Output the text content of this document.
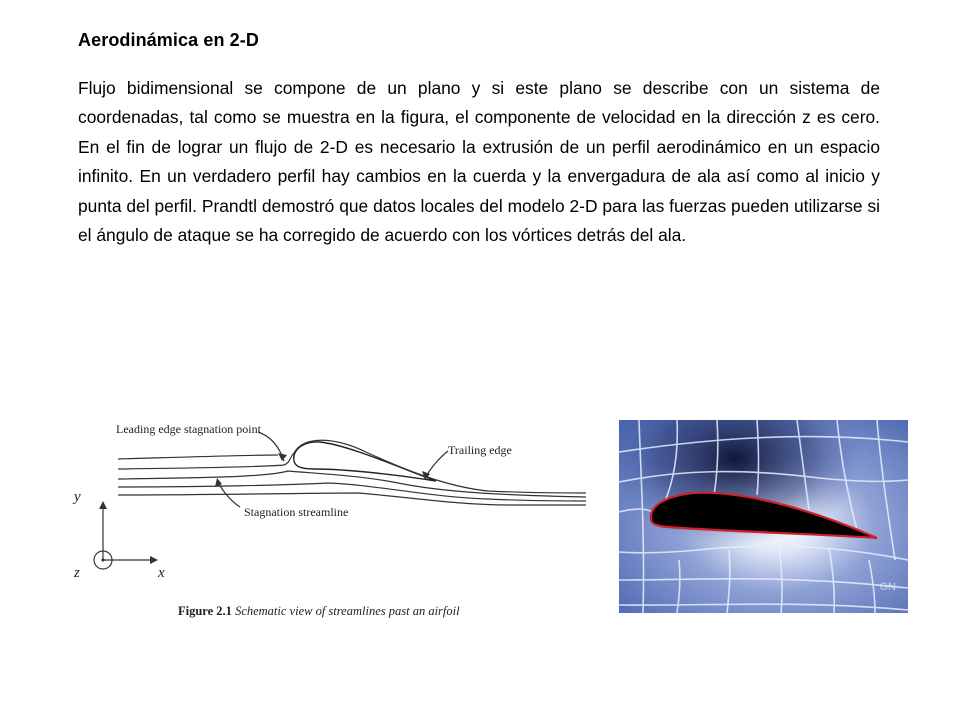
Aerodinámica en 2-D
Flujo bidimensional se compone de un plano y si este plano se describe con un sistema de coordenadas, tal como se muestra en la figura, el componente de velocidad en la dirección z es cero. En el fin de lograr un flujo de 2-D es necesario la extrusión de un perfil aerodinámico en un espacio infinito. En un verdadero perfil hay cambios en la cuerda y la envergadura de ala así como al inicio y punta del perfil. Prandtl demostró que datos locales del modelo 2-D para las fuerzas pueden utilizarse si el ángulo de ataque se ha corregido de acuerdo con los vórtices detrás del ala.
Leading edge stagnation point
Trailing edge
Stagnation streamline
y
z	x
Figure 2.1 Schematic view of streamlines past an airfoil
GN
